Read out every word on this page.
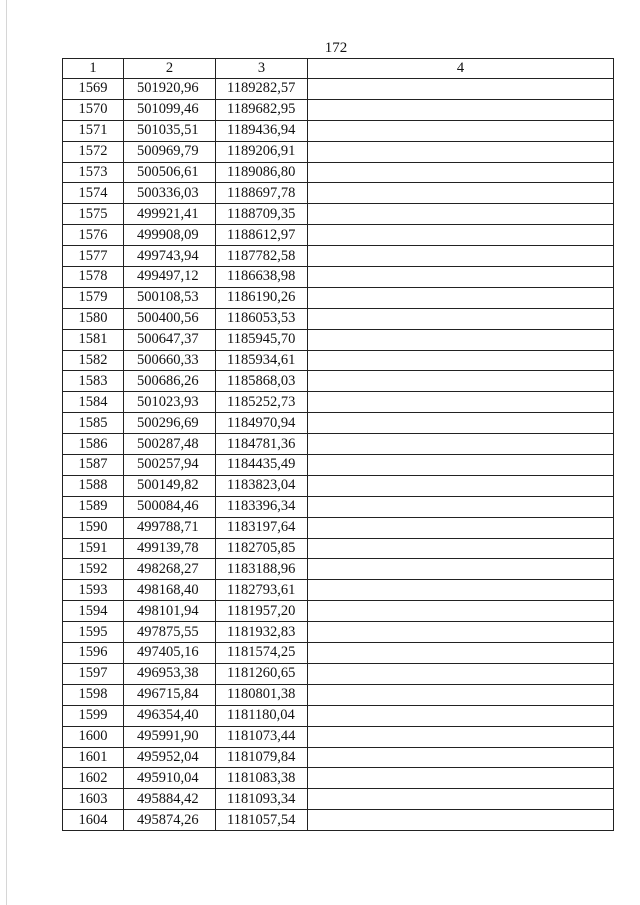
172
1	2	3	4
1569	501920,96	1189282,57	
1570	501099,46	1189682,95	
1571	501035,51	1189436,94	
1572	500969,79	1189206,91	
1573	500506,61	1189086,80	
1574	500336,03	1188697,78	
1575	499921,41	1188709,35	
1576	499908,09	1188612,97	
1577	499743,94	1187782,58	
1578	499497,12	1186638,98	
1579	500108,53	1186190,26	
1580	500400,56	1186053,53	
1581	500647,37	1185945,70	
1582	500660,33	1185934,61	
1583	500686,26	1185868,03	
1584	501023,93	1185252,73	
1585	500296,69	1184970,94	
1586	500287,48	1184781,36	
1587	500257,94	1184435,49	
1588	500149,82	1183823,04	
1589	500084,46	1183396,34	
1590	499788,71	1183197,64	
1591	499139,78	1182705,85	
1592	498268,27	1183188,96	
1593	498168,40	1182793,61	
1594	498101,94	1181957,20	
1595	497875,55	1181932,83	
1596	497405,16	1181574,25	
1597	496953,38	1181260,65	
1598	496715,84	1180801,38	
1599	496354,40	1181180,04	
1600	495991,90	1181073,44	
1601	495952,04	1181079,84	
1602	495910,04	1181083,38	
1603	495884,42	1181093,34	
1604	495874,26	1181057,54	
